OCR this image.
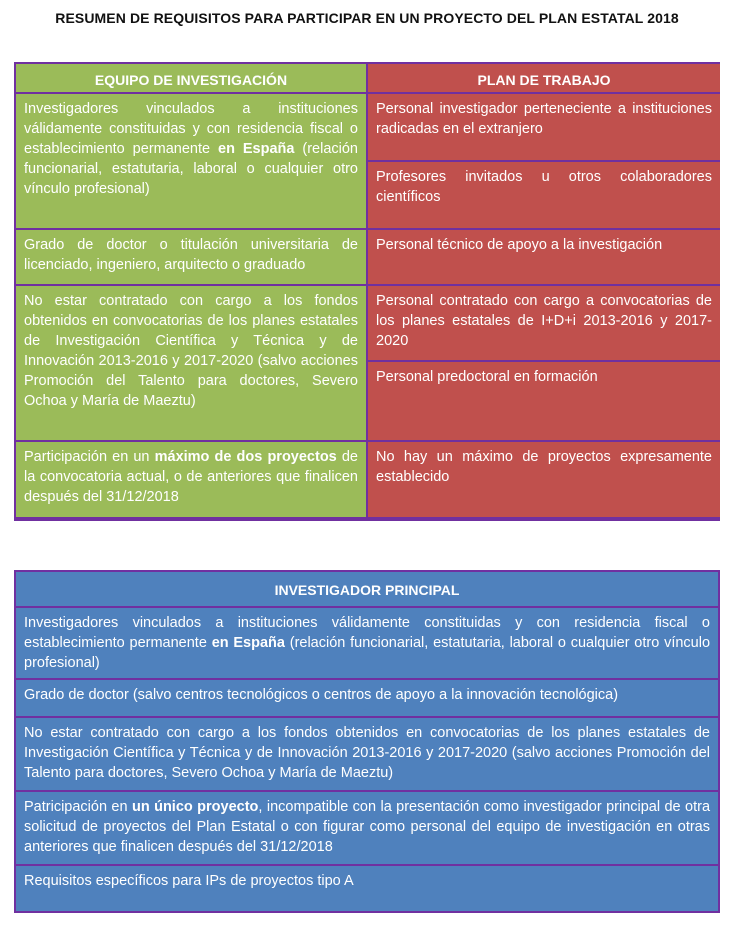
RESUMEN DE REQUISITOS PARA PARTICIPAR EN UN PROYECTO DEL PLAN ESTATAL 2018
EQUIPO DE INVESTIGACIÓN	PLAN DE TRABAJO
Investigadores vinculados a instituciones válidamente constituidas y con residencia fiscal o establecimiento permanente en España (relación funcionarial, estatutaria, laboral o cualquier otro vínculo profesional)
Grado de doctor o titulación universitaria de licenciado, ingeniero, arquitecto o graduado
No estar contratado con cargo a los fondos obtenidos en convocatorias de los planes estatales de Investigación Científica y Técnica y de Innovación 2013-2016 y 2017-2020 (salvo acciones Promoción del Talento para doctores, Severo Ochoa y María de Maeztu)
Participación en un máximo de dos proyectos de la convocatoria actual, o de anteriores que finalicen después del 31/12/2018
Personal investigador perteneciente a instituciones radicadas en el extranjero
Profesores invitados u otros colaboradores científicos
Personal técnico de apoyo a la investigación
Personal contratado con cargo a convocatorias de los planes estatales de I+D+i 2013-2016 y 2017-2020
Personal predoctoral en formación
No hay un máximo de proyectos expresamente establecido
INVESTIGADOR PRINCIPAL
Investigadores vinculados a instituciones válidamente constituidas y con residencia fiscal o establecimiento permanente en España (relación funcionarial, estatutaria, laboral o cualquier otro vínculo profesional)
Grado de doctor (salvo centros tecnológicos o centros de apoyo a la innovación tecnológica)
No estar contratado con cargo a los fondos obtenidos en convocatorias de los planes estatales de Investigación Científica y Técnica y de Innovación 2013-2016 y 2017-2020 (salvo acciones Promoción del Talento para doctores, Severo Ochoa y María de Maeztu)
Patricipación en un único proyecto, incompatible con la presentación como investigador principal de otra solicitud de proyectos del Plan Estatal o con figurar como personal del equipo de investigación en otras anteriores que finalicen después del 31/12/2018
Requisitos específicos para IPs de proyectos tipo A
